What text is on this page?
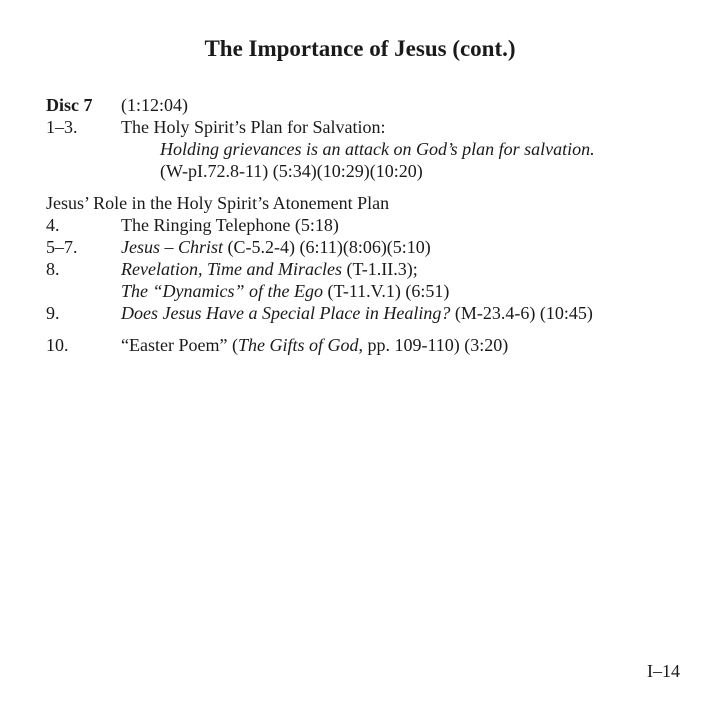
The Importance of Jesus (cont.)
Disc 7 (1:12:04)
1–3. The Holy Spirit’s Plan for Salvation:
Holding grievances is an attack on God’s plan for salvation.
(W-pI.72.8-11) (5:34)(10:29)(10:20)
Jesus’ Role in the Holy Spirit’s Atonement Plan
4.	The Ringing Telephone (5:18)
5–7. Jesus – Christ (C-5.2-4) (6:11)(8:06)(5:10)
8.	Revelation, Time and Miracles (T-1.II.3);
The “Dynamics” of the Ego (T-11.V.1) (6:51)
9.	Does Jesus Have a Special Place in Healing? (M-23.4-6) (10:45)
10.	“Easter Poem” (The Gifts of God, pp. 109-110) (3:20)
I–14
